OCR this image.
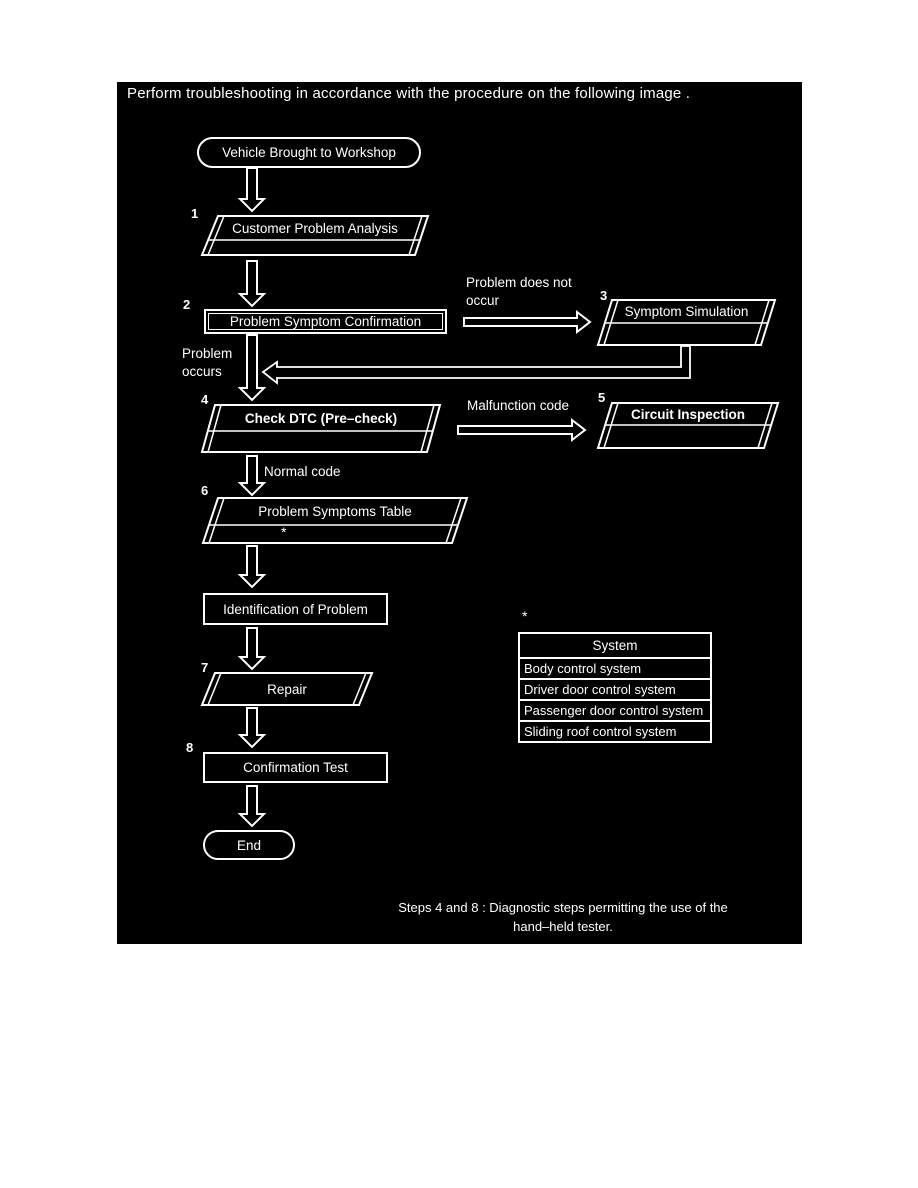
Perform troubleshooting in accordance with the procedure on the following image .
Vehicle Brought to Workshop
1
2
3
4	5
6
7
8
Customer Problem Analysis
Symptom Simulation
Check DTC (Pre–check)	Circuit Inspection
Problem Symptoms Table
*
Repair
Problem Symptom Confirmation
Identification of Problem
Confirmation Test
End
Problem does not
occur
Problem
occurs
Malfunction code
Normal code
*
System
Body control system
Driver door control system
Passenger door control system
Sliding roof control system
Steps 4 and 8 : Diagnostic steps permitting the use of the
hand–held tester.
